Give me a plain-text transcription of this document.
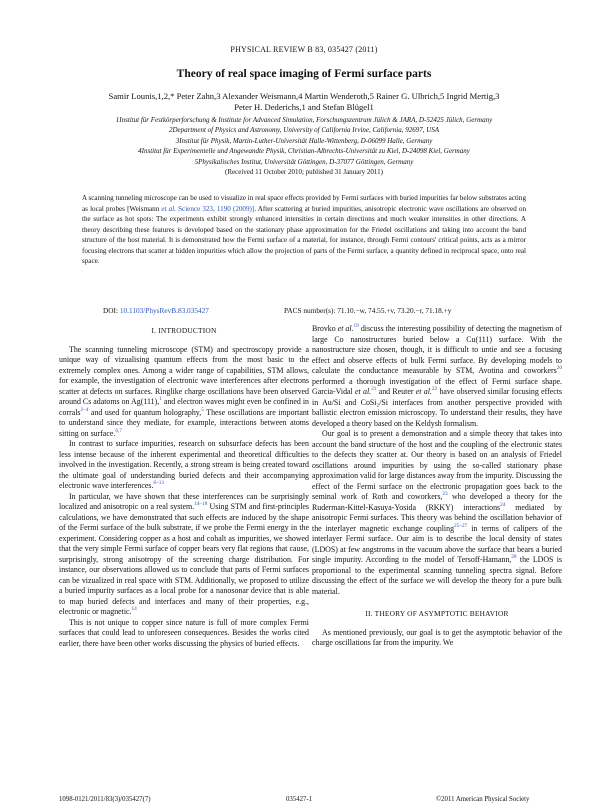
PHYSICAL REVIEW B 83, 035427 (2011)
Theory of real space imaging of Fermi surface parts
Samir Lounis,1,2,* Peter Zahn,3 Alexander Weismann,4 Martin Wenderoth,5 Rainer G. Ulbrich,5 Ingrid Mertig,3
Peter H. Dederichs,1 and Stefan Blügel1
1Institut für Festkörperforschung & Institute for Advanced Simulation, Forschungszentrum Jülich & JARA, D-52425 Jülich, Germany
2Department of Physics and Astronomy, University of California Irvine, California, 92697, USA
3Institut für Physik, Martin-Luther-Universität Halle-Wittenberg, D-06099 Halle, Germany
4Institut für Experimentelle und Angewandte Physik, Christian-Albrechts-Universität zu Kiel, D-24098 Kiel, Germany
5Physikalisches Institut, Universität Göttingen, D-37077 Göttingen, Germany
(Received 11 October 2010; published 31 January 2011)
A scanning tunneling microscope can be used to visualize in real space effects provided by Fermi surfaces with buried impurities far below substrates acting as local probes [Weismann et al. Science 323, 1190 (2009)]. After scattering at buried impurities, anisotropic electronic wave oscillations are observed on the surface as hot spots: The experiments exhibit strongly enhanced intensities in certain directions and much weaker intensities in other directions. A theory describing these features is developed based on the stationary phase approximation for the Friedel oscillations and taking into account the band structure of the host material. It is demonstrated how the Fermi surface of a material, for instance, through Fermi contours' critical points, acts as a mirror focusing electrons that scatter at hidden impurities which allow the projection of parts of the Fermi surface, a quantity defined in reciprocal space, onto real space.
DOI: 10.1103/PhysRevB.83.035427	PACS number(s): 71.10.−w, 74.55.+v, 73.20.−r, 71.18.+y

I. INTRODUCTION

The scanning tunneling microscope (STM) and spectroscopy provide a unique way of vizualising quantum effects from the most basic to the extremely complex ones. Among a wider range of capabilities, STM allows, for example, the investigation of electronic wave interferences after electrons scatter at defects on surfaces. Ringlike charge oscillations have been observed around Cs adatoms on Ag(111),$^1$ and electron waves might even be confined in corrals$^{2-4}$ and used for quantum holography,$^5$ These oscillations are important to understand since they mediate, for example, interactions between atoms sitting on surface.$^{6,7}$

In contrast to surface impurities, research on subsurface defects has been less intense because of the inherent experimental and theoretical difficulties involved in the investigation. Recently, a strong stream is being created toward the ultimate goal of understanding buried defects and their accompanying electronic wave interferences.$^{8-13}$

In particular, we have shown that these interferences can be surprisingly localized and anisotropic on a real system.$^{14-18}$ Using STM and first-principles calculations, we have demonstrated that such effects are induced by the shape of the Fermi surface of the bulk substrate, if we probe the Fermi energy in the experiment. Considering copper as a host and cobalt as impurities, we showed that the very simple Fermi surface of copper bears very flat regions that cause, surprisingly, strong anisotropy of the screening charge distribution. For instance, our observations allowed us to conclude that parts of Fermi surfaces can be vizualized in real space with STM. Additionally, we proposed to utilize a buried impurity surfaces as a local probe for a nanosonar device that is able to map buried defects and interfaces and many of their properties, e.g., electronic or magnetic.$^{14}$

This is not unique to copper since nature is full of more complex Fermi surfaces that could lead to unforeseen consequences. Besides the works cited earlier, there have been other works discussing the physics of buried effects.

Brovko et al.$^{19}$ discuss the interesting possibility of detecting the magnetism of large Co nanostructures buried below a Cu(111) surface. With the nanostructure size chosen, though, it is difficult to untie and see a focusing effect and observe effects of bulk Fermi surface. By developing models to calculate the conductance measurable by STM, Avotina and coworkers$^{20}$ performed a thorough investigation of the effect of Fermi surface shape. Garcia-Vidal et al.$^{21}$ and Reuter et al.$^{22}$ have observed similar focusing effects in Au/Si and CoSi₂/Si interfaces from another perspective provided with ballistic electron emission microscopy. To understand their results, they have developed a theory based on the Keldysh formalism.

Our goal is to present a demonstration and a simple theory that takes into account the band structure of the host and the coupling of the electronic states to the defects they scatter at. Our theory is based on an analysis of Friedel oscillations around impurities by using the so-called stationary phase approximation valid for large distances away from the impurity. Discussing the effect of the Fermi surface on the electronic propagation goes back to the seminal work of Roth and coworkers,$^{23}$ who developed a theory for the Ruderman-Kittel-Kasuya-Yosida (RKKY) interactions$^{24}$ mediated by anisotropic Fermi surfaces. This theory was behind the oscillation behavior of the interlayer magnetic exchange coupling$^{25-27}$ in terms of calipers of the interlayer Fermi surface. Our aim is to describe the local density of states (LDOS) at few angstroms in the vacuum above the surface that bears a buried single impurity. According to the model of Tersoff-Hamann,$^{28}$ the LDOS is proportional to the experimental scanning tunneling spectra signal. Before discussing the effect of the surface we will develop the theory for a pure bulk material.

II. THEORY OF ASYMPTOTIC BEHAVIOR

As mentioned previously, our goal is to get the asymptotic behavior of the charge oscillations far from the impurity. We

1098-0121/2011/83(3)/035427(7)	035427-1	©2011 American Physical Society
